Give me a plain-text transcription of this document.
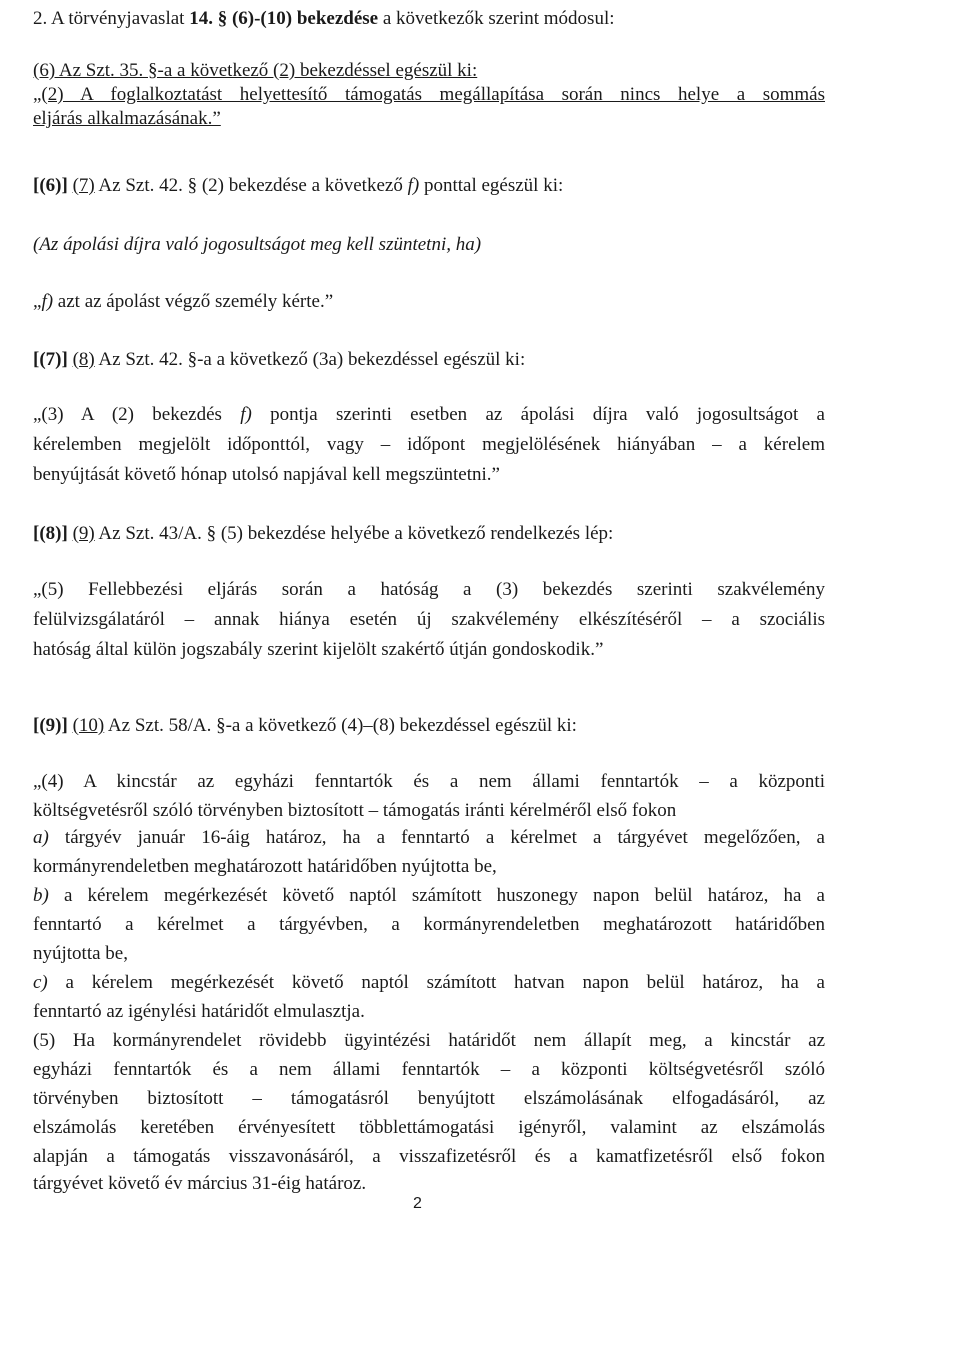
2. A törvényjavaslat 14. § (6)-(10) bekezdése a következők szerint módosul:
(6) Az Szt. 35. §-a a következő (2) bekezdéssel egészül ki:
„(2) A foglalkoztatást helyettesítő támogatás megállapítása során nincs helye a sommás
eljárás alkalmazásának.”
[(6)] (7) Az Szt. 42. § (2) bekezdése a következő f) ponttal egészül ki:
(Az ápolási díjra való jogosultságot meg kell szüntetni, ha)
„f) azt az ápolást végző személy kérte.”
[(7)] (8) Az Szt. 42. §-a a következő (3a) bekezdéssel egészül ki:
„(3) A (2) bekezdés f) pontja szerinti esetben az ápolási díjra való jogosultságot a
kérelemben megjelölt időponttól, vagy – időpont megjelölésének hiányában – a kérelem
benyújtását követő hónap utolsó napjával kell megszüntetni.”
[(8)] (9) Az Szt. 43/A. § (5) bekezdése helyébe a következő rendelkezés lép:
„(5) Fellebbezési eljárás során a hatóság a (3) bekezdés szerinti szakvélemény
felülvizsgálatáról – annak hiánya esetén új szakvélemény elkészítéséről – a szociális
hatóság által külön jogszabály szerint kijelölt szakértő útján gondoskodik.”
[(9)] (10) Az Szt. 58/A. §-a a következő (4)–(8) bekezdéssel egészül ki:
„(4) A kincstár az egyházi fenntartók és a nem állami fenntartók – a központi
költségvetésről szóló törvényben biztosított – támogatás iránti kérelméről első fokon
a) tárgyév január 16-áig határoz, ha a fenntartó a kérelmet a tárgyévet megelőzően, a
kormányrendeletben meghatározott határidőben nyújtotta be,
b) a kérelem megérkezését követő naptól számított huszonegy napon belül határoz, ha a
fenntartó a kérelmet a tárgyévben, a kormányrendeletben meghatározott határidőben
nyújtotta be,
c) a kérelem megérkezését követő naptól számított hatvan napon belül határoz, ha a
fenntartó az igénylési határidőt elmulasztja.
(5) Ha kormányrendelet rövidebb ügyintézési határidőt nem állapít meg, a kincstár az
egyházi fenntartók és a nem állami fenntartók – a központi költségvetésről szóló
törvényben biztosított – támogatásról benyújtott elszámolásának elfogadásáról, az
elszámolás keretében érvényesített többlettámogatási igényről, valamint az elszámolás
alapján a támogatás visszavonásáról, a visszafizetésről és a kamatfizetésről első fokon
tárgyévet követő év március 31-éig határoz.
2
